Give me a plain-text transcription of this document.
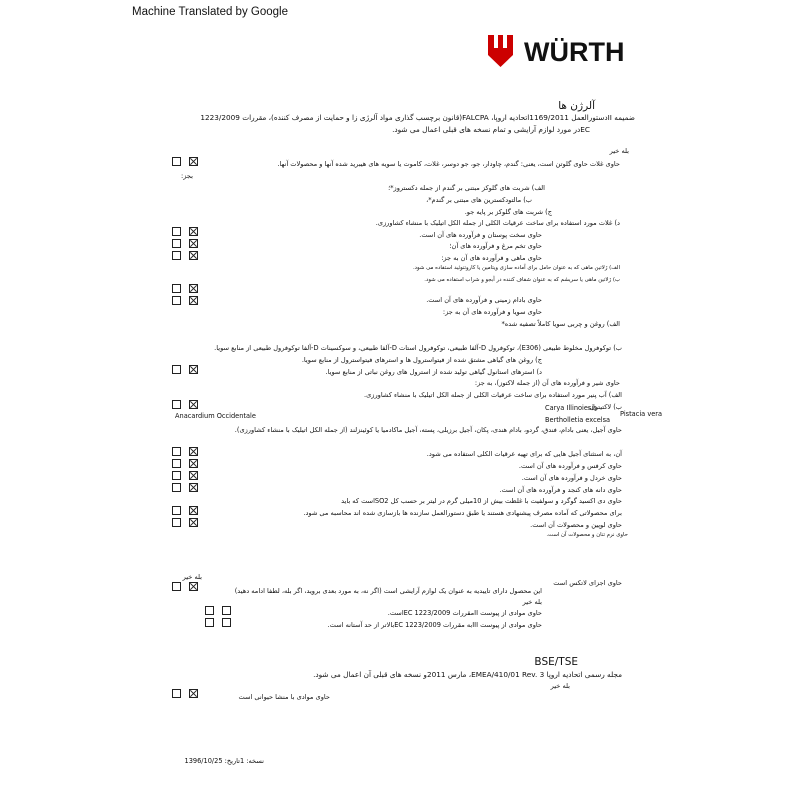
Machine Translated by Google
WÜRTH
آلرژن ها
ضمیمه IIدستورالعمل 1169/2011اتحادیه اروپا، FALCPA(قانون برچسب گذاری مواد آلرژی زا و حمایت از مصرف کننده)، مقررات 1223/2009
ECدر مورد لوازم آرایشی و تمام نسخه های قبلی اعمال می شود.
بله خیر
حاوی غلات حاوی گلوتن است، یعنی: گندم، چاودار، جو، جو دوسر، غلات، کاموت یا سویه های هیبرید شده آنها و محصولات آنها.
بجز:
الف) شربت های گلوکز مبتنی بر گندم از جمله دکستروز*؛
ب) مالتودکسترین های مبتنی بر گندم*،
ج) شربت های گلوکز بر پایه جو.
د) غلات مورد استفاده برای ساخت عرقیات الکلی از جمله الکل اتیلیک با منشاء کشاورزی.
حاوی سخت پوستان و فرآورده های آن است.
حاوی تخم مرغ و فرآورده های آن؛
حاوی ماهی و فرآورده های آن به جز:
الف) ژلاتین ماهی که به عنوان حامل برای آماده سازی ویتامین یا کاروتنوئید استفاده می شود.
ب) ژلاتین ماهی یا سریشم که به عنوان شفاف کننده در آبجو و شراب استفاده می شود.
حاوی بادام زمینی و فرآورده های آن است.
حاوی سویا و فرآورده های آن به جز:
الف) روغن و چربی سویا کاملاً تصفیه شده*
ب) توکوفرول مخلوط طبیعی (E306)، توکوفرول D-آلفا طبیعی، توکوفرول استات D-آلفا طبیعی، و سوکسینات D-آلفا توکوفرول طبیعی از منابع سویا.
ج) روغن های گیاهی مشتق شده از فیتواسترول ها و استرهای فیتواسترول از منابع سویا.
د) استرهای استانول گیاهی تولید شده از استرول های روغن نباتی از منابع سویا.
حاوی شیر و فرآورده های آن (از جمله لاکتوز)، به جز:
الف) آب پنیر مورد استفاده برای ساخت عرقیات الکلی از جمله الکل اتیلیک با منشاء کشاورزی.
ب) لاکتیتول.
حاوی آجیل، یعنی بادام، فندق، گردو، بادام هندی، پکان، آجیل برزیلی، پسته، آجیل ماکادمیا یا کوئینزلند (از جمله الکل اتیلیک با منشاء کشاورزی).
آن، به استثنای آجیل هایی که برای تهیه عرقیات الکلی استفاده می شود.
حاوی کرفس و فرآورده های آن است.
حاوی خردل و فرآورده های آن است.
حاوی دانه های کنجد و فرآورده های آن است.
حاوی دی اکسید گوگرد و سولفیت با غلظت بیش از 10میلی گرم در لیتر بر حسب کل SO2است که باید
برای محصولاتی که آماده مصرف پیشنهادی هستند یا طبق دستورالعمل سازنده ها بازسازی شده اند محاسبه می شود.
حاوی لوپین و محصولات آن است.
حاوی نرم تنان و محصولات آن است.
Anacardium Occidentale
Carya Illinoiesis
Bertholletia excelsa
Pistacia vera
حاوی اجزای لاتکس است
بله خیر
این محصول دارای تاییدیه به عنوان یک لوازم آرایشی است (اگر نه، به مورد بعدی بروید، اگر بله، لطفا ادامه دهید)
بله خیر
حاوی موادی از پیوست IIمقررات 1223/2009 ECاست.
حاوی موادی از پیوست IIIبه مقررات 1223/2009 ECبالاتر از حد آستانه است.
BSE/TSE
مجله رسمی اتحادیه اروپا EMEA/410/01 Rev. 3، مارس 2011و نسخه های قبلی آن اعمال می شود.
بله خیر
حاوی موادی با منشا حیوانی است
نسخه: 1تاریخ: 1396/10/25
